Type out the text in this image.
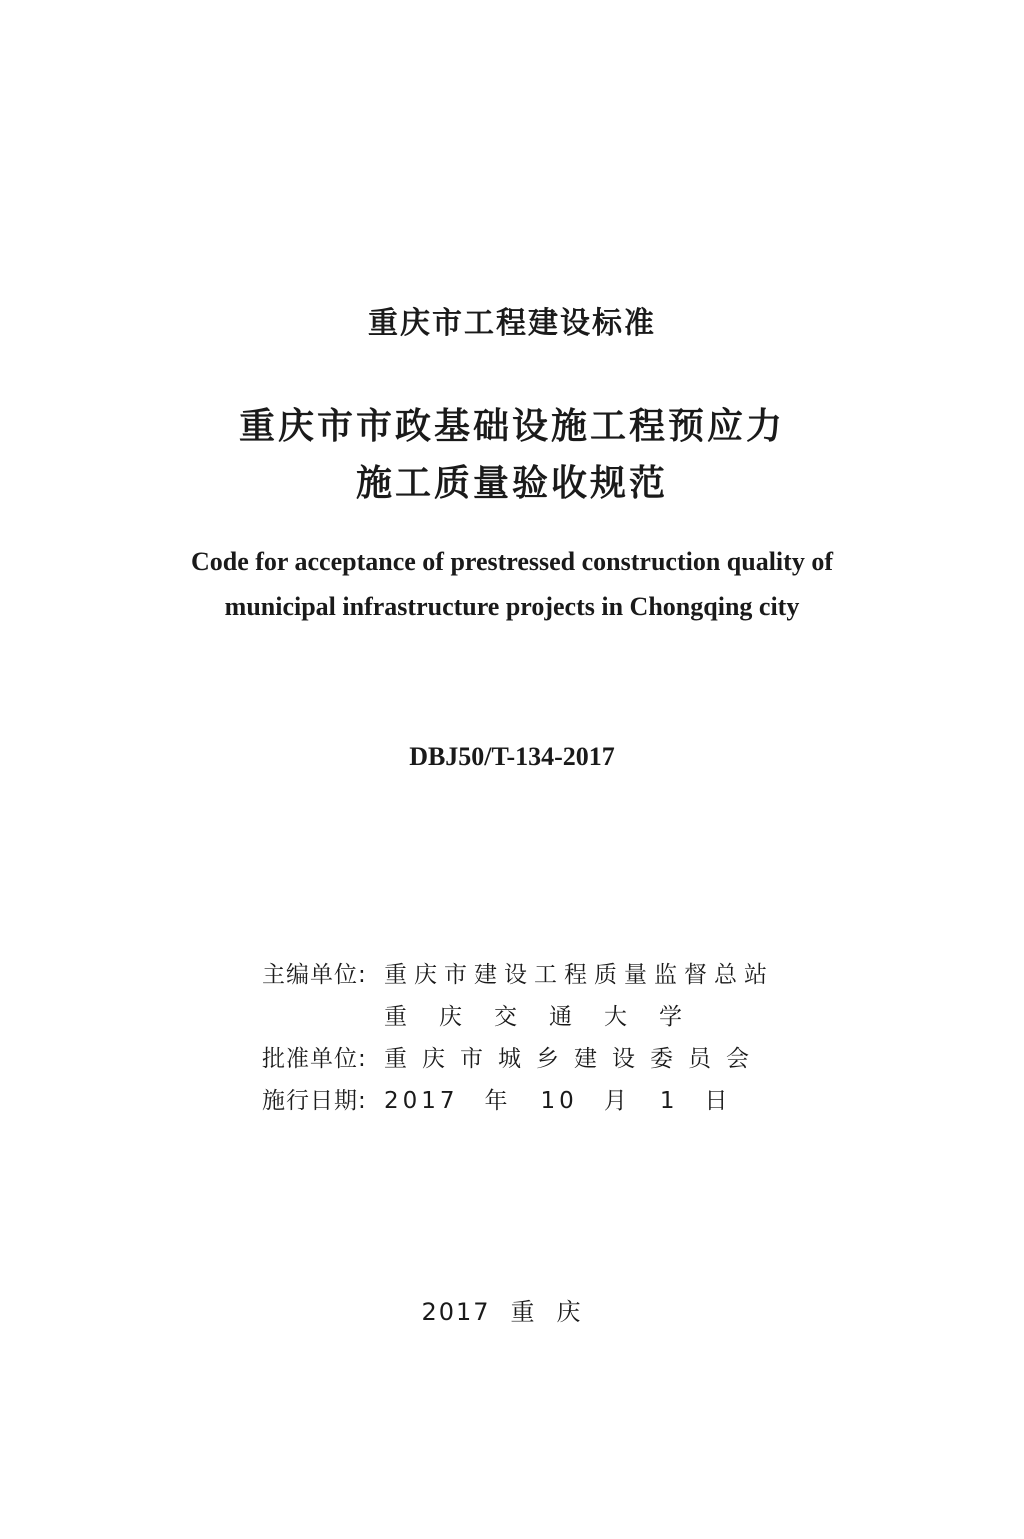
重庆市工程建设标准
重庆市市政基础设施工程预应力
施工质量验收规范
Code for acceptance of prestressed construction quality of
municipal infrastructure projects in Chongqing city
DBJ50/T-134-2017
主编单位: 重庆市建设工程质量监督总站
重庆交通大学
批准单位: 重庆市城乡建设委员会
施行日期: 2017 年 10 月 1 日
2017 重庆
